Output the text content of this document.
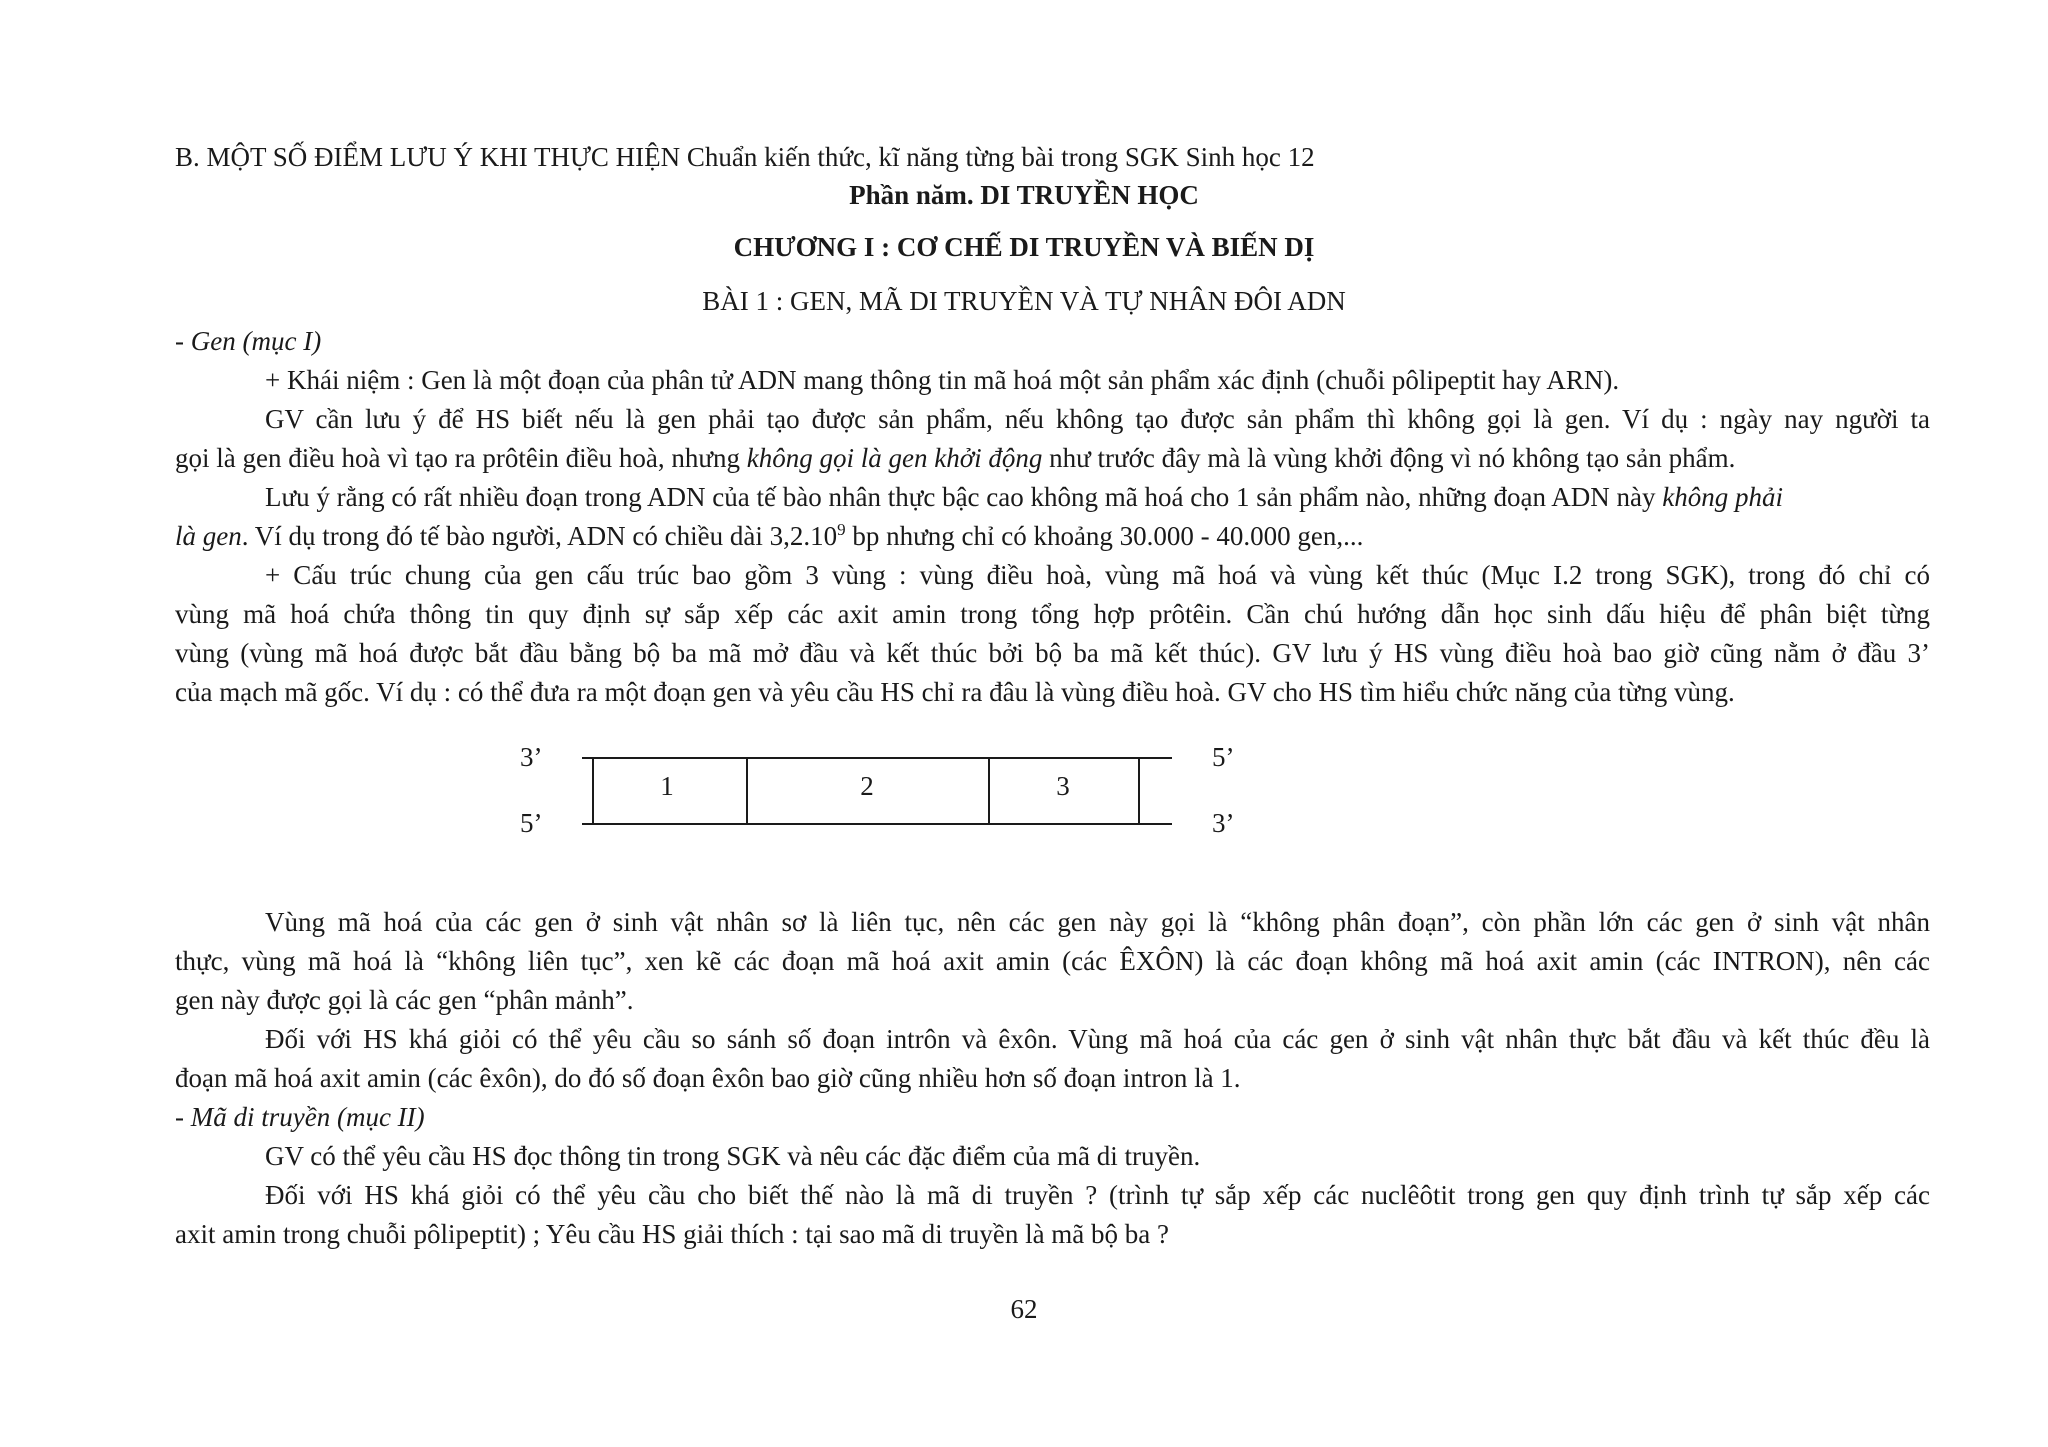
B. MỘT SỐ ĐIỂM LƯU Ý KHI THỰC HIỆN Chuẩn kiến thức, kĩ năng từng bài trong SGK Sinh học 12
Phần năm. DI TRUYỀN HỌC
CHƯƠNG I : CƠ CHẾ DI TRUYỀN VÀ BIẾN DỊ
BÀI 1 : GEN, MÃ DI TRUYỀN VÀ TỰ NHÂN ĐÔI ADN
- Gen (mục I)
+ Khái niệm : Gen là một đoạn của phân tử ADN mang thông tin mã hoá một sản phẩm xác định (chuỗi pôlipeptit hay ARN).
GV cần lưu ý để HS biết nếu là gen phải tạo được sản phẩm, nếu không tạo được sản phẩm thì không gọi là gen. Ví dụ : ngày nay người ta
gọi là gen điều hoà vì tạo ra prôtêin điều hoà, nhưng không gọi là gen khởi động như trước đây mà là vùng khởi động vì nó không tạo sản phẩm.
Lưu ý rằng có rất nhiều đoạn trong ADN của tế bào nhân thực bậc cao không mã hoá cho 1 sản phẩm nào, những đoạn ADN này không phải
là gen. Ví dụ trong đó tế bào người, ADN có chiều dài 3,2.10$^9$ bp nhưng chỉ có khoảng 30.000 - 40.000 gen,...
+ Cấu trúc chung của gen cấu trúc bao gồm 3 vùng : vùng điều hoà, vùng mã hoá và vùng kết thúc (Mục I.2 trong SGK), trong đó chỉ có
vùng mã hoá chứa thông tin quy định sự sắp xếp các axit amin trong tổng hợp prôtêin. Cần chú hướng dẫn học sinh dấu hiệu để phân biệt từng
vùng (vùng mã hoá được bắt đầu bằng bộ ba mã mở đầu và kết thúc bởi bộ ba mã kết thúc). GV lưu ý HS vùng điều hoà bao giờ cũng nằm ở đầu 3’
của mạch mã gốc. Ví dụ : có thể đưa ra một đoạn gen và yêu cầu HS chỉ ra đâu là vùng điều hoà. GV cho HS tìm hiểu chức năng của từng vùng.
3’	5’
5’	3’
1	2	3
Vùng mã hoá của các gen ở sinh vật nhân sơ là liên tục, nên các gen này gọi là “không phân đoạn”, còn phần lớn các gen ở sinh vật nhân
thực, vùng mã hoá là “không liên tục”, xen kẽ các đoạn mã hoá axit amin (các ÊXÔN) là các đoạn không mã hoá axit amin (các INTRON), nên các
gen này được gọi là các gen “phân mảnh”.
Đối với HS khá giỏi có thể yêu cầu so sánh số đoạn intrôn và êxôn. Vùng mã hoá của các gen ở sinh vật nhân thực bắt đầu và kết thúc đều là
đoạn mã hoá axit amin (các êxôn), do đó số đoạn êxôn bao giờ cũng nhiều hơn số đoạn intron là 1.
- Mã di truyền (mục II)
GV có thể yêu cầu HS đọc thông tin trong SGK và nêu các đặc điểm của mã di truyền.
Đối với HS khá giỏi có thể yêu cầu cho biết thế nào là mã di truyền ? (trình tự sắp xếp các nuclêôtit trong gen quy định trình tự sắp xếp các
axit amin trong chuỗi pôlipeptit) ; Yêu cầu HS giải thích : tại sao mã di truyền là mã bộ ba ?
62
